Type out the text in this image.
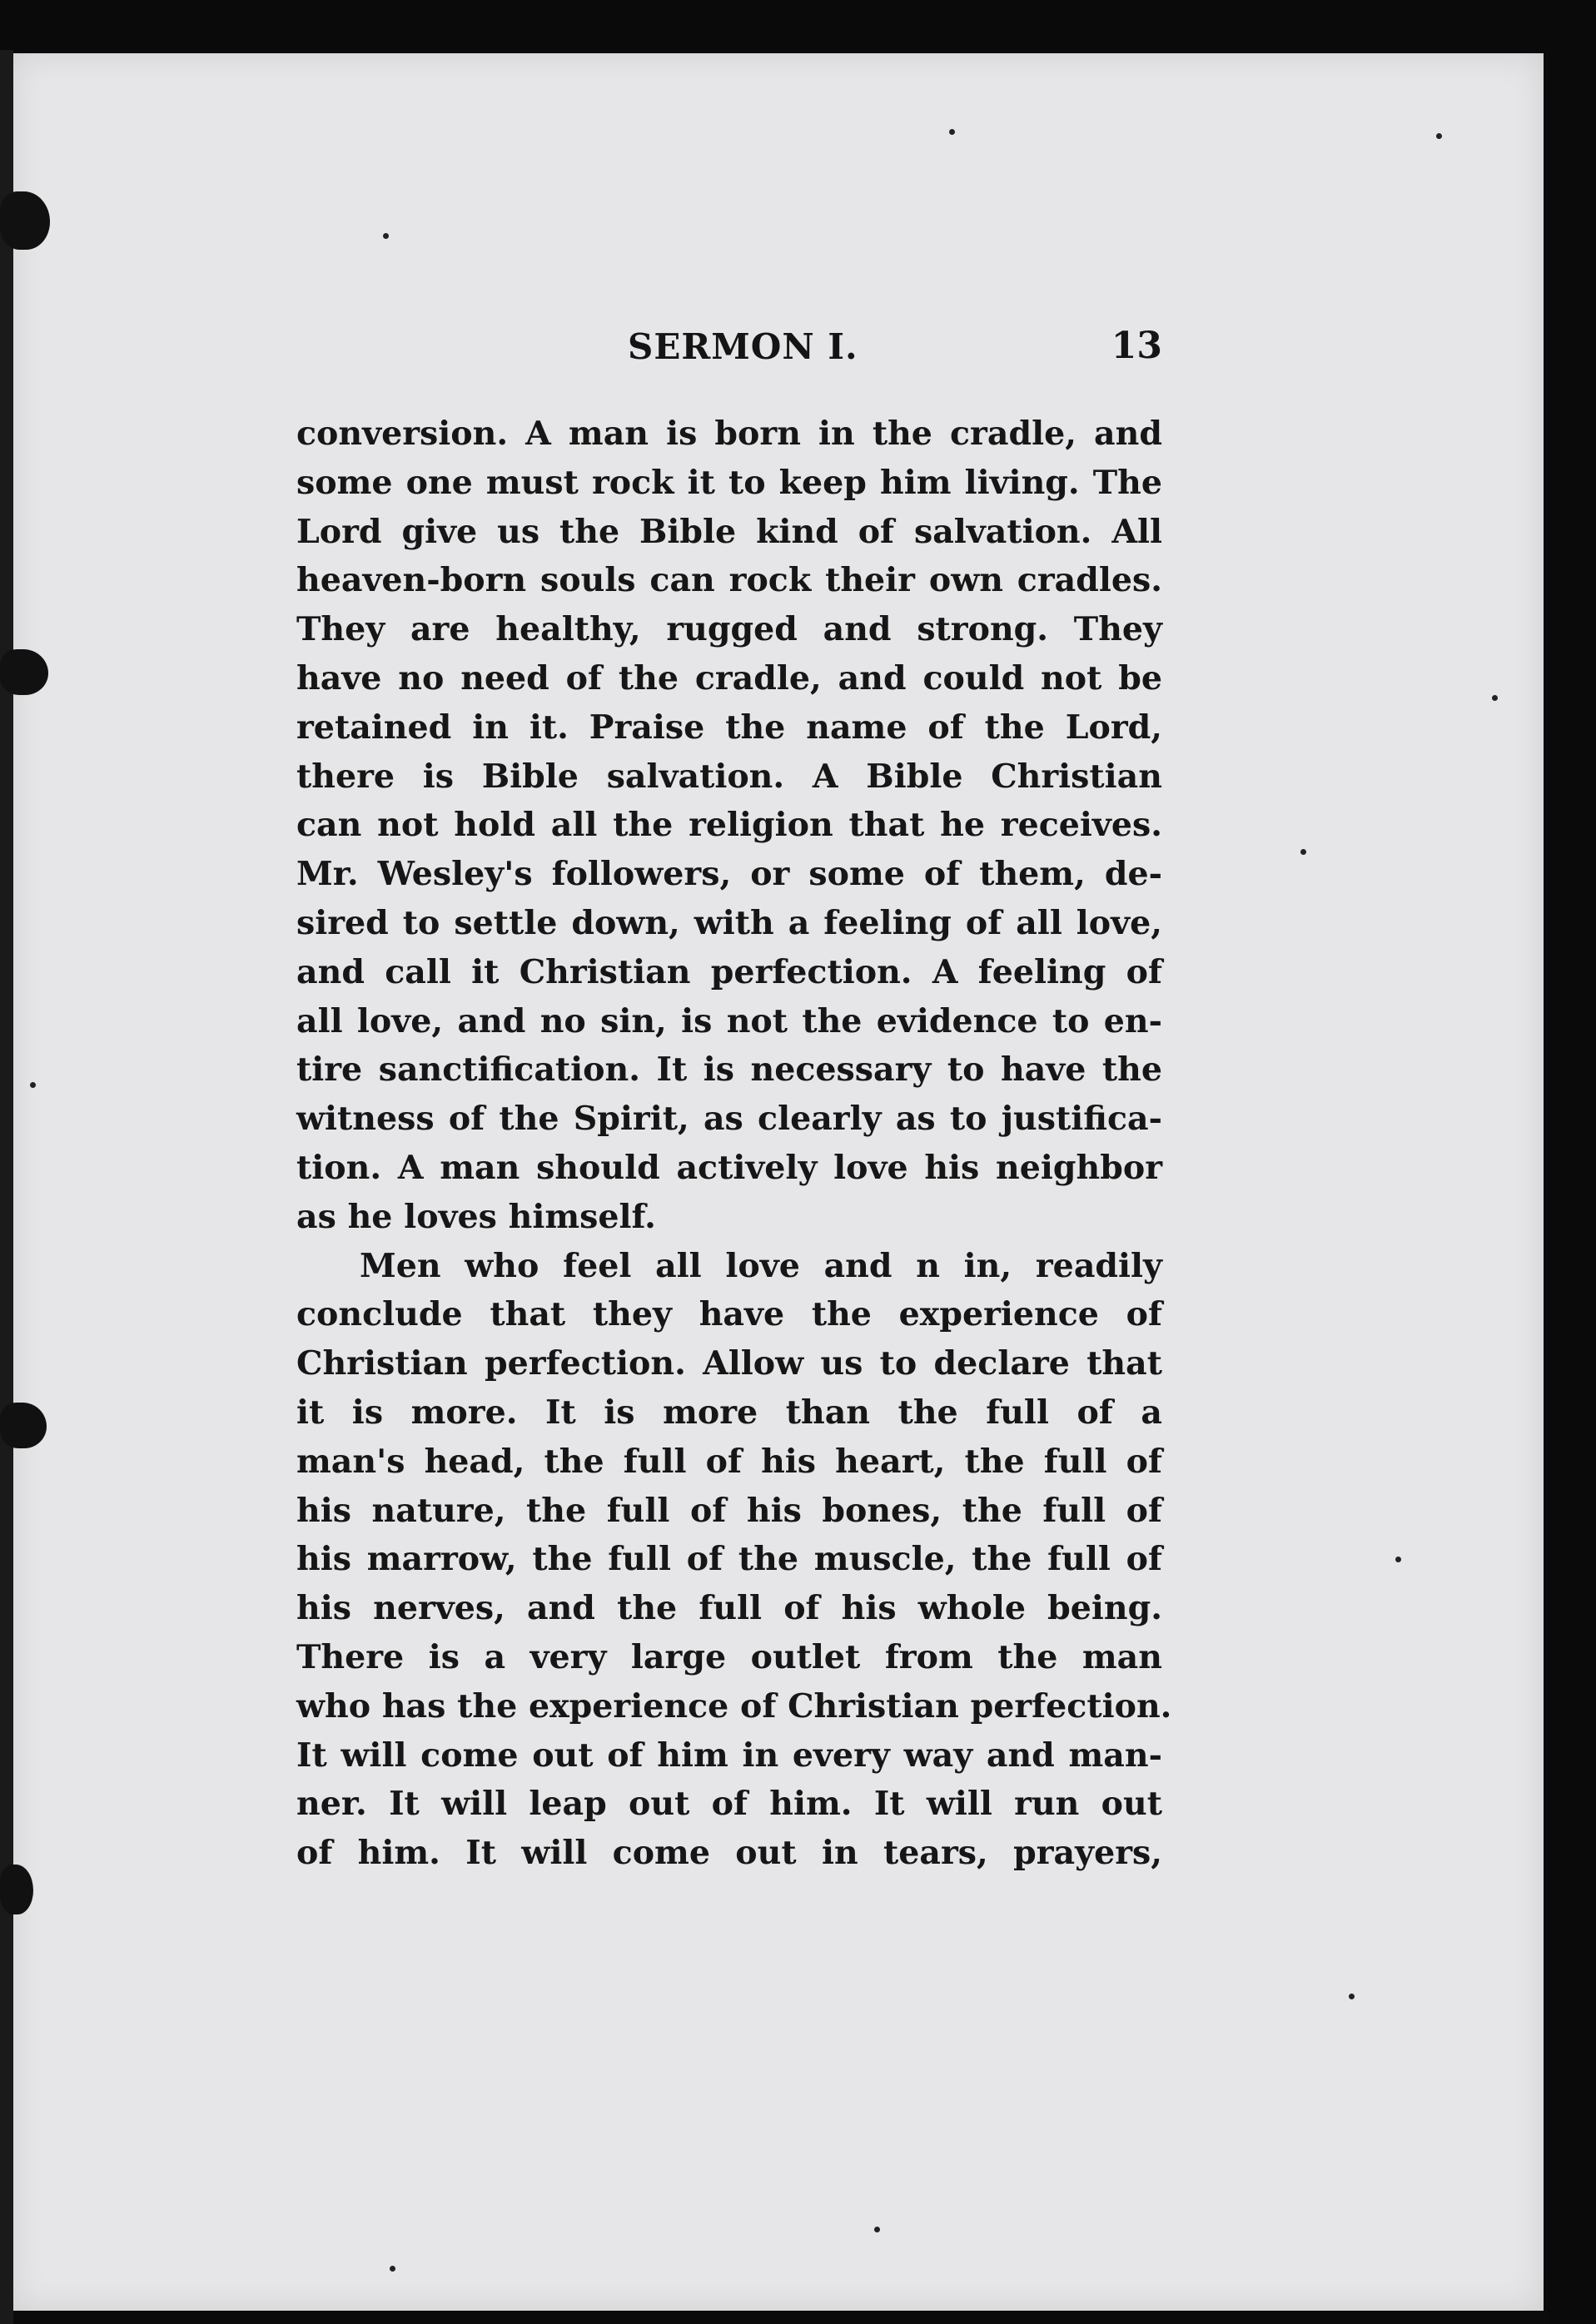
SERMON I.	13
conversion. A man is born in the cradle, and
some one must rock it to keep him living. The
Lord give us the Bible kind of salvation. All
heaven-born souls can rock their own cradles.
They are healthy, rugged and strong. They
have no need of the cradle, and could not be
retained in it. Praise the name of the Lord,
there is Bible salvation. A Bible Christian
can not hold all the religion that he receives.
Mr. Wesley's followers, or some of them, de-
sired to settle down, with a feeling of all love,
and call it Christian perfection. A feeling of
all love, and no sin, is not the evidence to en-
tire sanctification. It is necessary to have the
witness of the Spirit, as clearly as to justifica-
tion. A man should actively love his neighbor
as he loves himself.
Men who feel all love and n in, readily
conclude that they have the experience of
Christian perfection. Allow us to declare that
it is more. It is more than the full of a
man's head, the full of his heart, the full of
his nature, the full of his bones, the full of
his marrow, the full of the muscle, the full of
his nerves, and the full of his whole being.
There is a very large outlet from the man
who has the experience of Christian perfection.
It will come out of him in every way and man-
ner. It will leap out of him. It will run out
of him. It will come out in tears, prayers,
